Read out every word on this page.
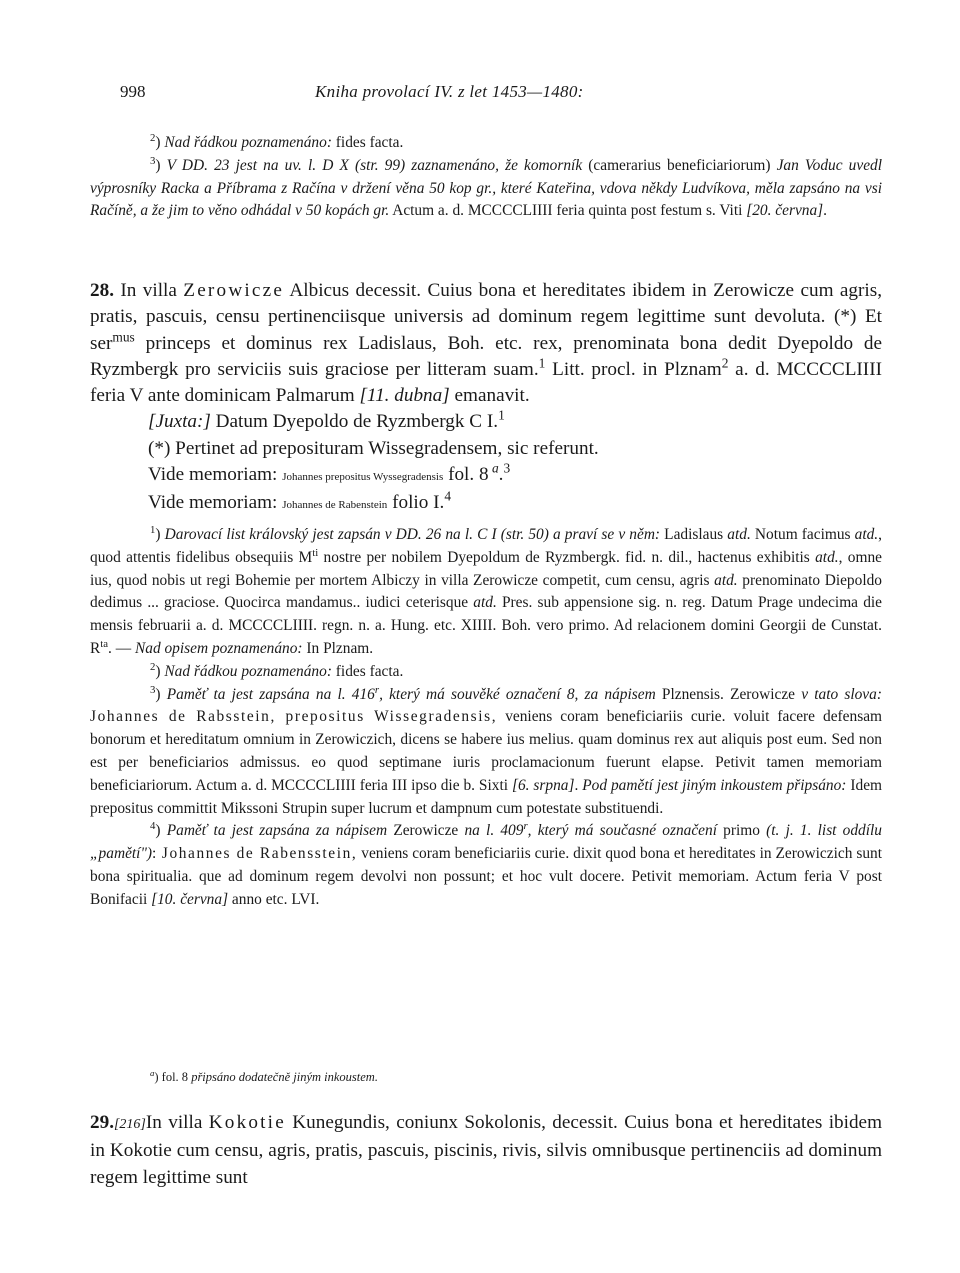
998	Kniha provolací IV. z let 1453—1480:

$^2$) Nad řádkou poznamenáno: fides facta.

$^3$) V DD. 23 jest na uv. l. D X (str. 99) zaznamenáno, že komorník (camerarius beneficiariorum) Jan Voduc uvedl výprosníky Racka a Příbrama z Račína v držení věna 50 kop gr., které Kateřina, vdova někdy Ludvíkova, měla zapsáno na vsi Račíně, a že jim to věno odhádal v 50 kopách gr. Actum a. d. MCCCCLIIII feria quinta post festum s. Viti [20. června].

28. In villa Zerowicze Albicus decessit. Cuius bona et hereditates ibidem in Zerowicze cum agris, pratis, pascuis, censu pertinenciisque universis ad dominum regem legittime sunt devoluta. (*) Et ser$^{mus}$ princeps et dominus rex Ladislaus, Boh. etc. rex, prenominata bona dedit Dyepoldo de Ryzmbergk pro serviciis suis graciose per litteram suam.$^1$ Litt. procl. in Plznam$^2$ a. d. MCCCCLIIII feria V ante dominicam Palmarum [11. dubna] emanavit.

[Juxta:] Datum Dyepoldo de Ryzmbergk C I.$^1$

(*) Pertinet ad preposituram Wissegradensem, sic referunt.

Vide memoriam: Johannes prepositus Wyssegradensis fol. 8 $^a$.$^3$

Vide memoriam: Johannes de Rabenstein folio I.$^4$

$^1$) Darovací list královský jest zapsán v DD. 26 na l. C I (str. 50) a praví se v něm: Ladislaus atd. Notum facimus atd., quod attentis fidelibus obsequiis $M^{ti}$ nostre per nobilem Dyepoldum de Ryzmbergk. fid. n. dil., hactenus exhibitis atd., omne ius, quod nobis ut regi Bohemie per mortem Albiczy in villa Zerowicze competit, cum censu, agris atd. prenominato Diepoldo dedimus ... graciose. Quocirca mandamus.. iudici ceterisque atd. Pres. sub appensione sig. n. reg. Datum Prage undecima die mensis februarii a. d. MCCCCLIIII. regn. n. a. Hung. etc. XIIII. Boh. vero primo. Ad relacionem domini Georgii de Cunstat. $R^{ta}$. — Nad opisem poznamenáno: In Plznam.

$^2$) Nad řádkou poznamenáno: fides facta.

$^3$) Paměť ta jest zapsána na l. 416$^r$, který má souvěké označení 8, za nápisem Plznensis. Zerowicze v tato slova: Johannes de Rabsstein, prepositus Wissegradensis, veniens coram beneficiariis curie. voluit facere defensam bonorum et hereditatum omnium in Zerowiczich, dicens se habere ius melius. quam dominus rex aut aliquis post eum. Sed non est per beneficiarios admissus. eo quod septimane iuris proclamacionum fuerunt elapse. Petivit tamen memoriam beneficiariorum. Actum a. d. MCCCCLIIII feria III ipso die b. Sixti [6. srpna]. Pod pamětí jest jiným inkoustem připsáno: Idem prepositus committit Mikssoni Strupin super lucrum et dampnum cum potestate substituendi.

$^4$) Paměť ta jest zapsána za nápisem Zerowicze na l. 409$^r$, který má současné označení primo (t. j. 1. list oddílu „pamětí"): Johannes de Rabensstein, veniens coram beneficiariis curie. dixit quod bona et hereditates in Zerowiczich sunt bona spiritualia. que ad dominum regem devolvi non possunt; et hoc vult docere. Petivit memoriam. Actum feria V post Bonifacii [10. června] anno etc. LVI.

$^a$) fol. 8 připsáno dodatečně jiným inkoustem.

29.[216]In villa Kokotie Kunegundis, coniunx Sokolonis, decessit. Cuius bona et hereditates ibidem in Kokotie cum censu, agris, pratis, pascuis, piscinis, rivis, silvis omnibusque pertinenciis ad dominum regem legittime sunt
